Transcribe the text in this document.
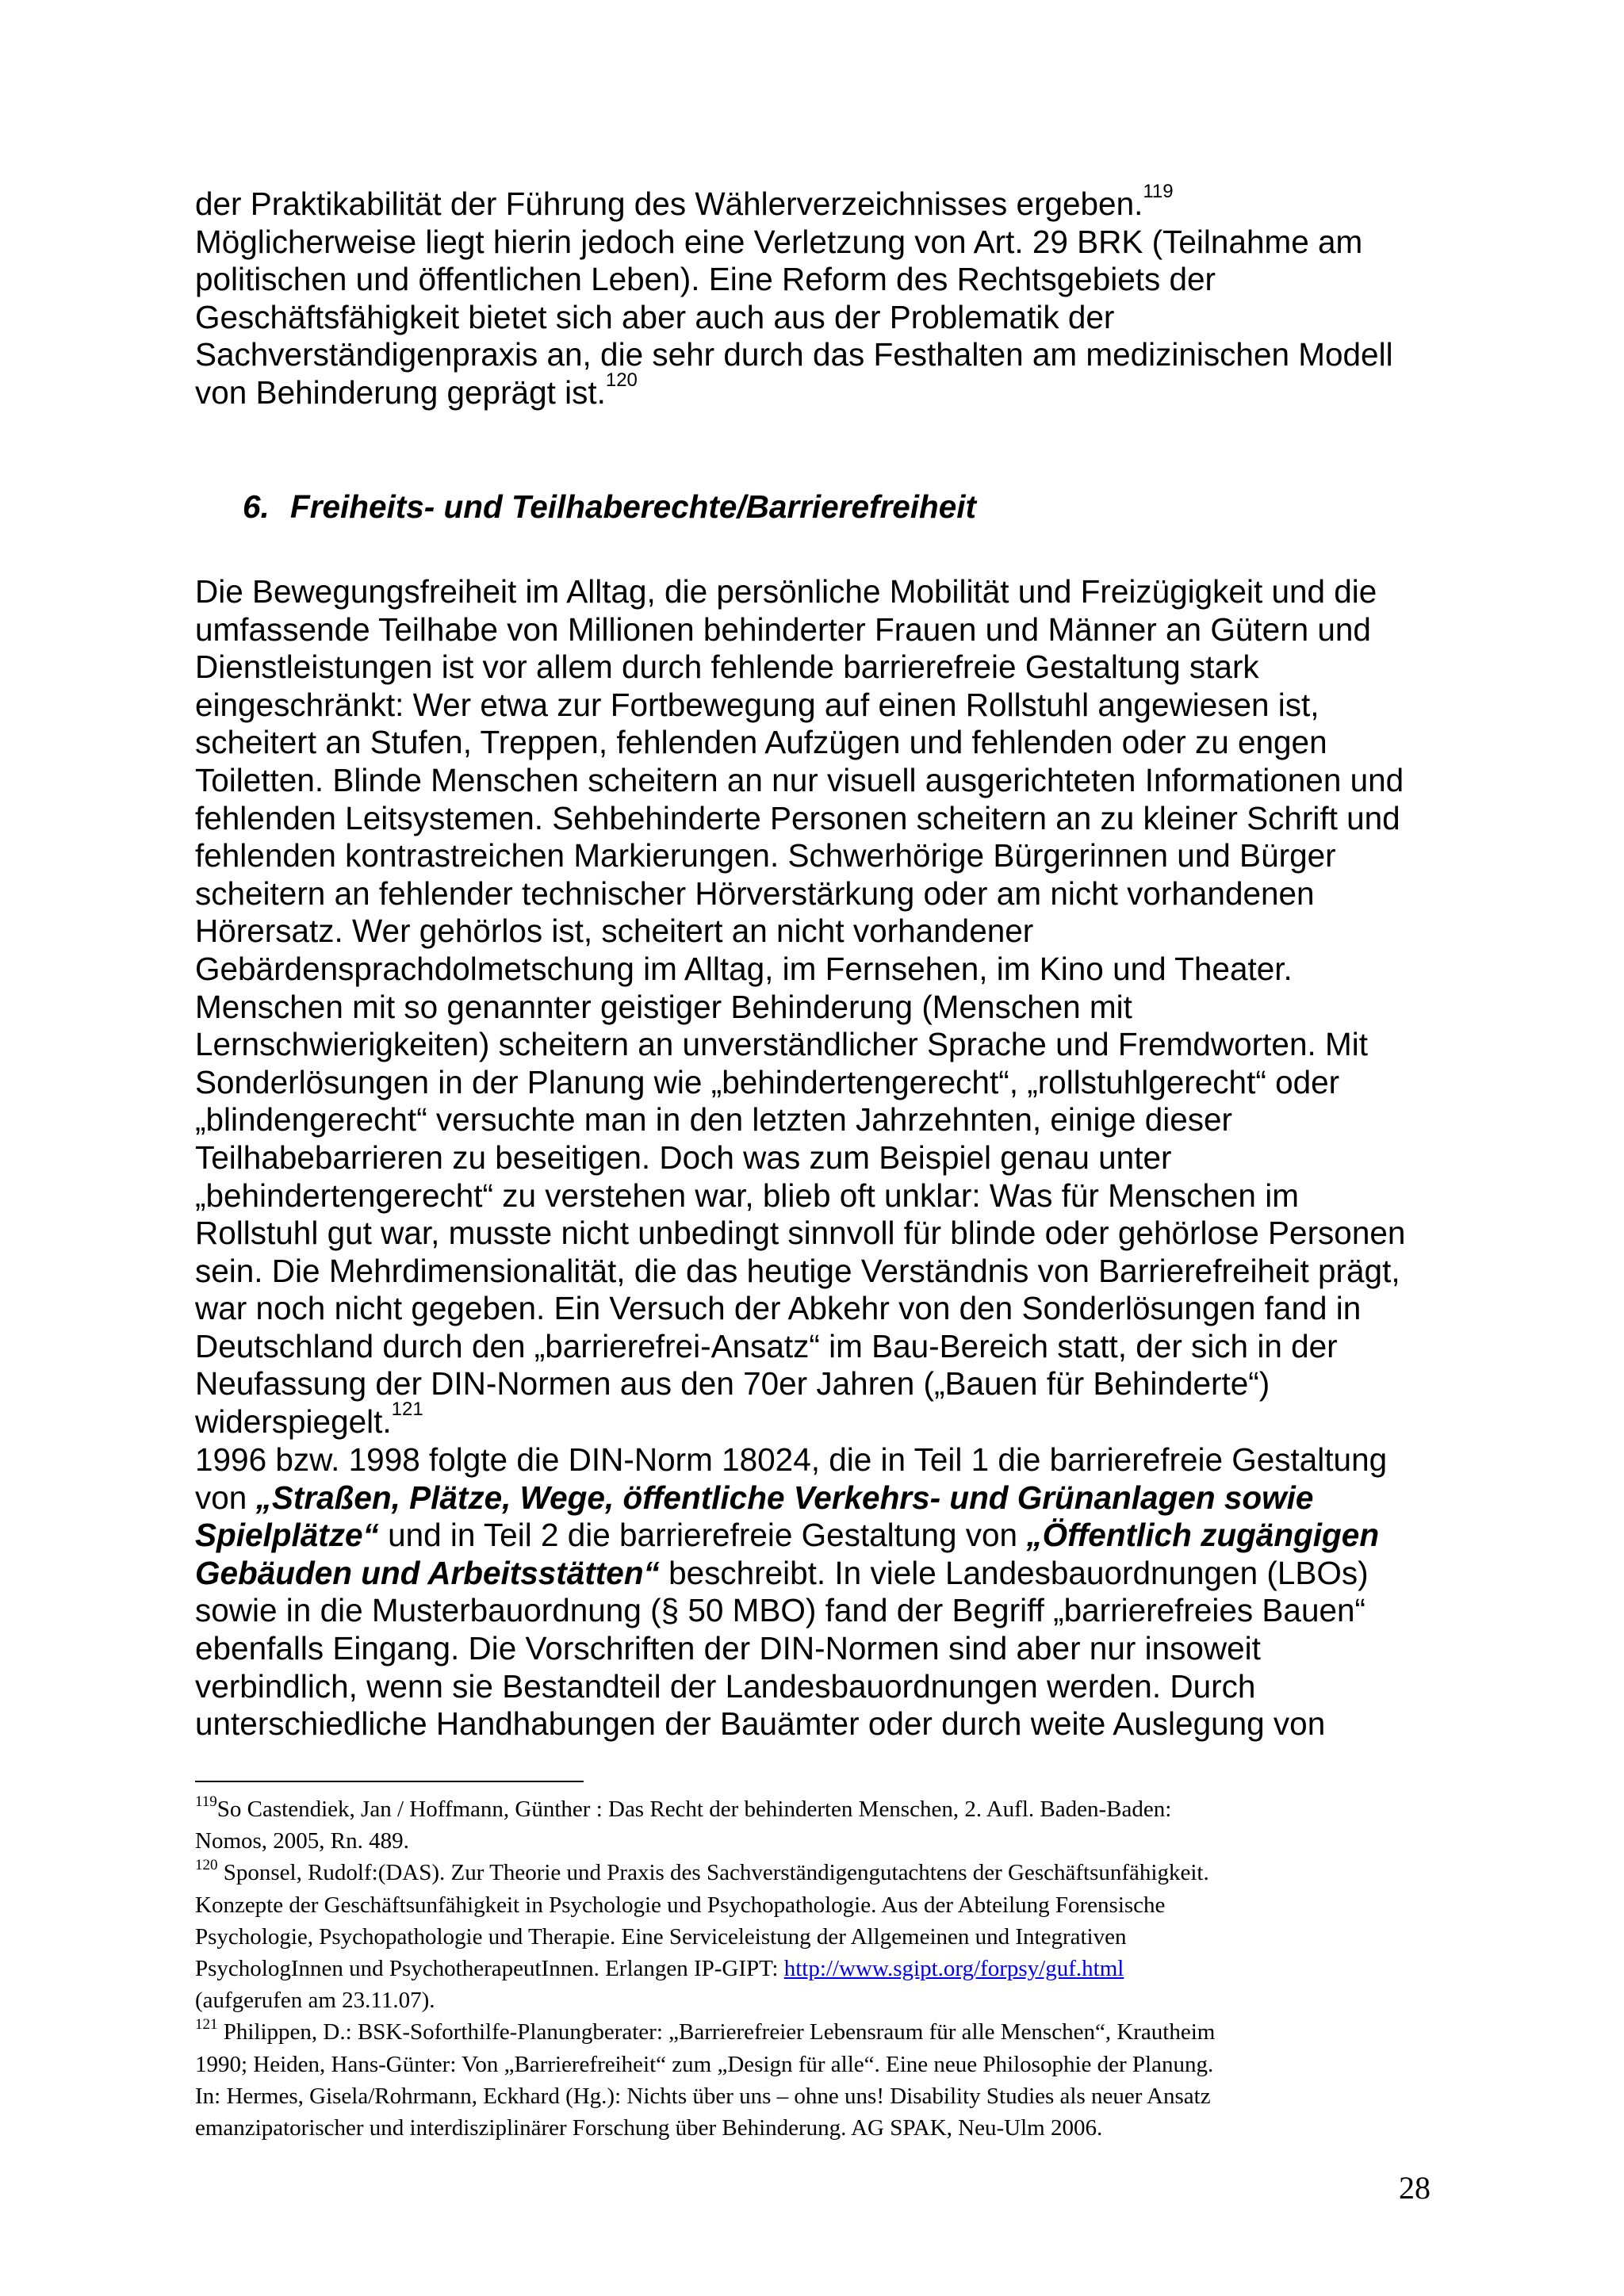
der Praktikabilität der Führung des Wählerverzeichnisses ergeben.$^{119}$
Möglicherweise liegt hierin jedoch eine Verletzung von Art. 29 BRK (Teilnahme am
politischen und öffentlichen Leben). Eine Reform des Rechtsgebiets der
Geschäftsfähigkeit bietet sich aber auch aus der Problematik der
Sachverständigenpraxis an, die sehr durch das Festhalten am medizinischen Modell
von Behinderung geprägt ist.$^{120}$
6. Freiheits- und Teilhaberechte/Barrierefreiheit
Die Bewegungsfreiheit im Alltag, die persönliche Mobilität und Freizügigkeit und die
umfassende Teilhabe von Millionen behinderter Frauen und Männer an Gütern und
Dienstleistungen ist vor allem durch fehlende barrierefreie Gestaltung stark
eingeschränkt: Wer etwa zur Fortbewegung auf einen Rollstuhl angewiesen ist,
scheitert an Stufen, Treppen, fehlenden Aufzügen und fehlenden oder zu engen
Toiletten. Blinde Menschen scheitern an nur visuell ausgerichteten Informationen und
fehlenden Leitsystemen. Sehbehinderte Personen scheitern an zu kleiner Schrift und
fehlenden kontrastreichen Markierungen. Schwerhörige Bürgerinnen und Bürger
scheitern an fehlender technischer Hörverstärkung oder am nicht vorhandenen
Hörersatz. Wer gehörlos ist, scheitert an nicht vorhandener
Gebärdensprachdolmetschung im Alltag, im Fernsehen, im Kino und Theater.
Menschen mit so genannter geistiger Behinderung (Menschen mit
Lernschwierigkeiten) scheitern an unverständlicher Sprache und Fremdworten. Mit
Sonderlösungen in der Planung wie „behindertengerecht“, „rollstuhlgerecht“ oder
„blindengerecht“ versuchte man in den letzten Jahrzehnten, einige dieser
Teilhabebarrieren zu beseitigen. Doch was zum Beispiel genau unter
„behindertengerecht“ zu verstehen war, blieb oft unklar: Was für Menschen im
Rollstuhl gut war, musste nicht unbedingt sinnvoll für blinde oder gehörlose Personen
sein. Die Mehrdimensionalität, die das heutige Verständnis von Barrierefreiheit prägt,
war noch nicht gegeben. Ein Versuch der Abkehr von den Sonderlösungen fand in
Deutschland durch den „barrierefrei-Ansatz“ im Bau-Bereich statt, der sich in der
Neufassung der DIN-Normen aus den 70er Jahren („Bauen für Behinderte“)
widerspiegelt.$^{121}$
1996 bzw. 1998 folgte die DIN-Norm 18024, die in Teil 1 die barrierefreie Gestaltung
von „Straßen, Plätze, Wege, öffentliche Verkehrs- und Grünanlagen sowie
Spielplätze“ und in Teil 2 die barrierefreie Gestaltung von „Öffentlich zugängigen
Gebäuden und Arbeitsstätten“ beschreibt. In viele Landesbauordnungen (LBOs)
sowie in die Musterbauordnung (§ 50 MBO) fand der Begriff „barrierefreies Bauen“
ebenfalls Eingang. Die Vorschriften der DIN-Normen sind aber nur insoweit
verbindlich, wenn sie Bestandteil der Landesbauordnungen werden. Durch
unterschiedliche Handhabungen der Bauämter oder durch weite Auslegung von
$^{119}$So Castendiek, Jan / Hoffmann, Günther : Das Recht der behinderten Menschen, 2. Aufl. Baden-Baden:
Nomos, 2005, Rn. 489.
$^{120}$ Sponsel, Rudolf:(DAS). Zur Theorie und Praxis des Sachverständigengutachtens der Geschäftsunfähigkeit.
Konzepte der Geschäftsunfähigkeit in Psychologie und Psychopathologie. Aus der Abteilung Forensische
Psychologie, Psychopathologie und Therapie. Eine Serviceleistung der Allgemeinen und Integrativen
PsychologInnen und PsychotherapeutInnen. Erlangen IP-GIPT: http://www.sgipt.org/forpsy/guf.html
(aufgerufen am 23.11.07).
$^{121}$ Philippen, D.: BSK-Soforthilfe-Planungberater: „Barrierefreier Lebensraum für alle Menschen“, Krautheim
1990; Heiden, Hans-Günter: Von „Barrierefreiheit“ zum „Design für alle“. Eine neue Philosophie der Planung.
In: Hermes, Gisela/Rohrmann, Eckhard (Hg.): Nichts über uns – ohne uns! Disability Studies als neuer Ansatz
emanzipatorischer und interdisziplinärer Forschung über Behinderung. AG SPAK, Neu-Ulm 2006.
28
